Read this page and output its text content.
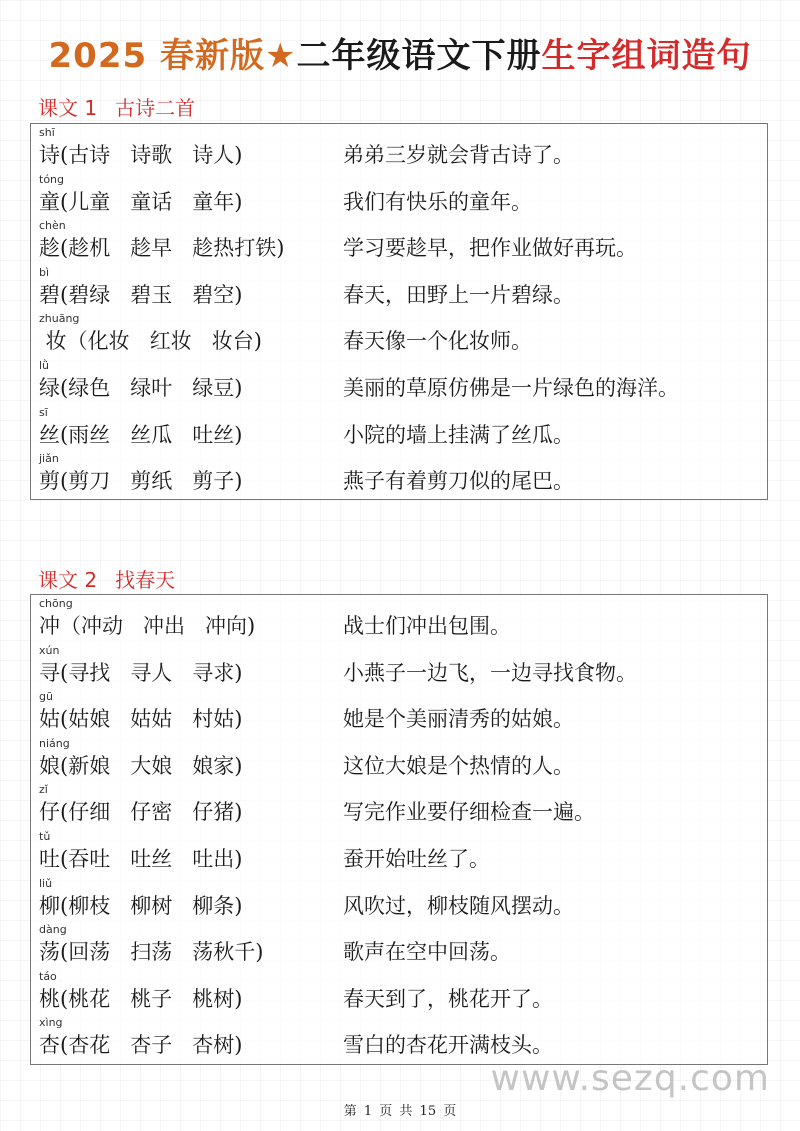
2025 春新版★二年级语文下册生字组词造句
课文 1 古诗二首
shī
诗(古诗   诗歌   诗人)	弟弟三岁就会背古诗了。
tóng
童(儿童   童话   童年)	我们有快乐的童年。
chèn
趁(趁机   趁早   趁热打铁)	学习要趁早，把作业做好再玩。
bì
碧(碧绿   碧玉   碧空)	春天，田野上一片碧绿。
zhuāng
妆（化妆   红妆   妆台)	春天像一个化妆师。
lǜ
绿(绿色   绿叶   绿豆)	美丽的草原仿佛是一片绿色的海洋。
sī
丝(雨丝   丝瓜   吐丝)	小院的墙上挂满了丝瓜。
jiǎn
剪(剪刀   剪纸   剪子)	燕子有着剪刀似的尾巴。
课文 2 找春天
chōng
冲（冲动   冲出   冲向)	战士们冲出包围。
xún
寻(寻找   寻人   寻求)	小燕子一边飞，一边寻找食物。
gū
姑(姑娘   姑姑   村姑)	她是个美丽清秀的姑娘。
niáng
娘(新娘   大娘   娘家)	这位大娘是个热情的人。
zǐ
仔(仔细   仔密   仔猪)	写完作业要仔细检查一遍。
tǔ
吐(吞吐   吐丝   吐出)	蚕开始吐丝了。
liǔ
柳(柳枝   柳树   柳条)	风吹过，柳枝随风摆动。
dàng
荡(回荡   扫荡   荡秋千)	歌声在空中回荡。
táo
桃(桃花   桃子   桃树)	春天到了，桃花开了。
xìng
杏(杏花   杏子   杏树)	雪白的杏花开满枝头。
www.sezq.com
第 1 页 共 15 页
